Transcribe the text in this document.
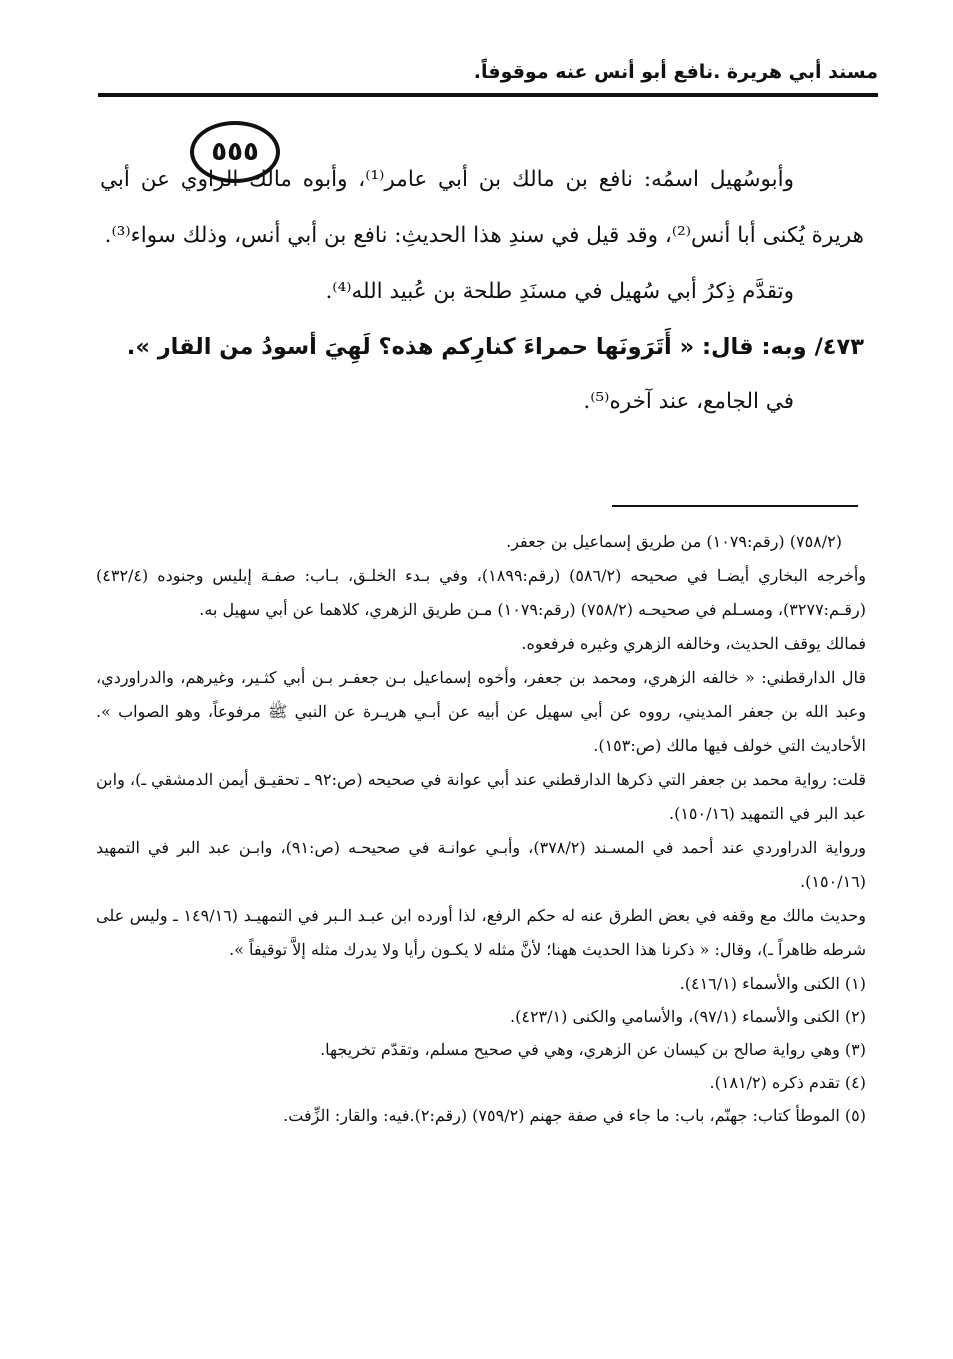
مسند أبي هريرة .نافع أبو أنس عنه موقوفاً.
٥٥٥

وأبوسُهيل اسمُه: نافع بن مالك بن أبي عامر⁽¹⁾، وأبوه مالك الراوي عن أبي هريرة يُكنى أبا أنس⁽²⁾، وقد قيل في سندِ هذا الحديثِ: نافع بن أبي أنس، وذلك سواء⁽³⁾.

وتقدَّم ذِكرُ أبي سُهيل في مسنَدِ طلحة بن عُبيد الله⁽⁴⁾.

٤٧٣/وبه: قال: « أَتَرَونَها حمراءَ كنارِكم هذه؟ لَهِيَ أسودُ من القار ».

في الجامع، عند آخره⁽⁵⁾.

(٧٥٨/٢) (رقم:١٠٧٩) من طريق إسماعيل بن جعفر.

وأخرجه البخاري أيضـا في صحيحه (٥٨٦/٢) (رقم:١٨٩٩)، وفي بـدء الخلـق، بـاب: صفـة إبليس وجنوده (٤٣٢/٤) (رقـم:٣٢٧٧)، ومسـلم في صحيحـه (٧٥٨/٢) (رقم:١٠٧٩) مـن طريق الزهري، كلاهما عن أبي سهيل به.

فمالك يوقف الحديث، وخالفه الزهري وغيره فرفعوه.

قال الدارقطني: « خالفه الزهري، ومحمد بن جعفر، وأخوه إسماعيل بـن جعفـر بـن أبي كثـير، وغيرهم، والدراوردي، وعبد الله بن جعفر المديني، رووه عن أبي سهيل عن أبيه عن أبـي هريـرة عن النبي ﷺ مرفوعاً، وهو الصواب ». الأحاديث التي خولف فيها مالك (ص:١٥٣).

قلت: رواية محمد بن جعفر التي ذكرها الدارقطني عند أبي عوانة في صحيحه (ص:٩٢ ـ تحقيـق أيمن الدمشقي ـ)، وابن عبد البر في التمهيد (١٥٠/١٦).

ورواية الدراوردي عند أحمد في المسـند (٣٧٨/٢)، وأبـي عوانـة في صحيحـه (ص:٩١)، وابـن عبد البر في التمهيد (١٥٠/١٦).

وحديث مالك مع وقفه في بعض الطرق عنه له حكم الرفع، لذا أورده ابن عبـد الـبر في التمهيـد (١٤٩/١٦ ـ وليس على شرطه ظاهراً ـ)، وقال: « ذكرنا هذا الحديث ههنا؛ لأنَّ مثله لا يكـون رأيا ولا يدرك مثله إلاَّ توقيفاً ».

(١) الكنى والأسماء (٤١٦/١).

(٢) الكنى والأسماء (٩٧/١)، والأسامي والكنى (٤٢٣/١).

(٣) وهي رواية صالح بن كيسان عن الزهري، وهي في صحيح مسلم، وتقدّم تخريجها.

(٤) تقدم ذكره (١٨١/٢).

(٥) الموطأ كتاب: جهنّم، باب: ما جاء في صفة جهنم (٧٥٩/٢) (رقم:٢).فيه: والقار: الزِّفت.
